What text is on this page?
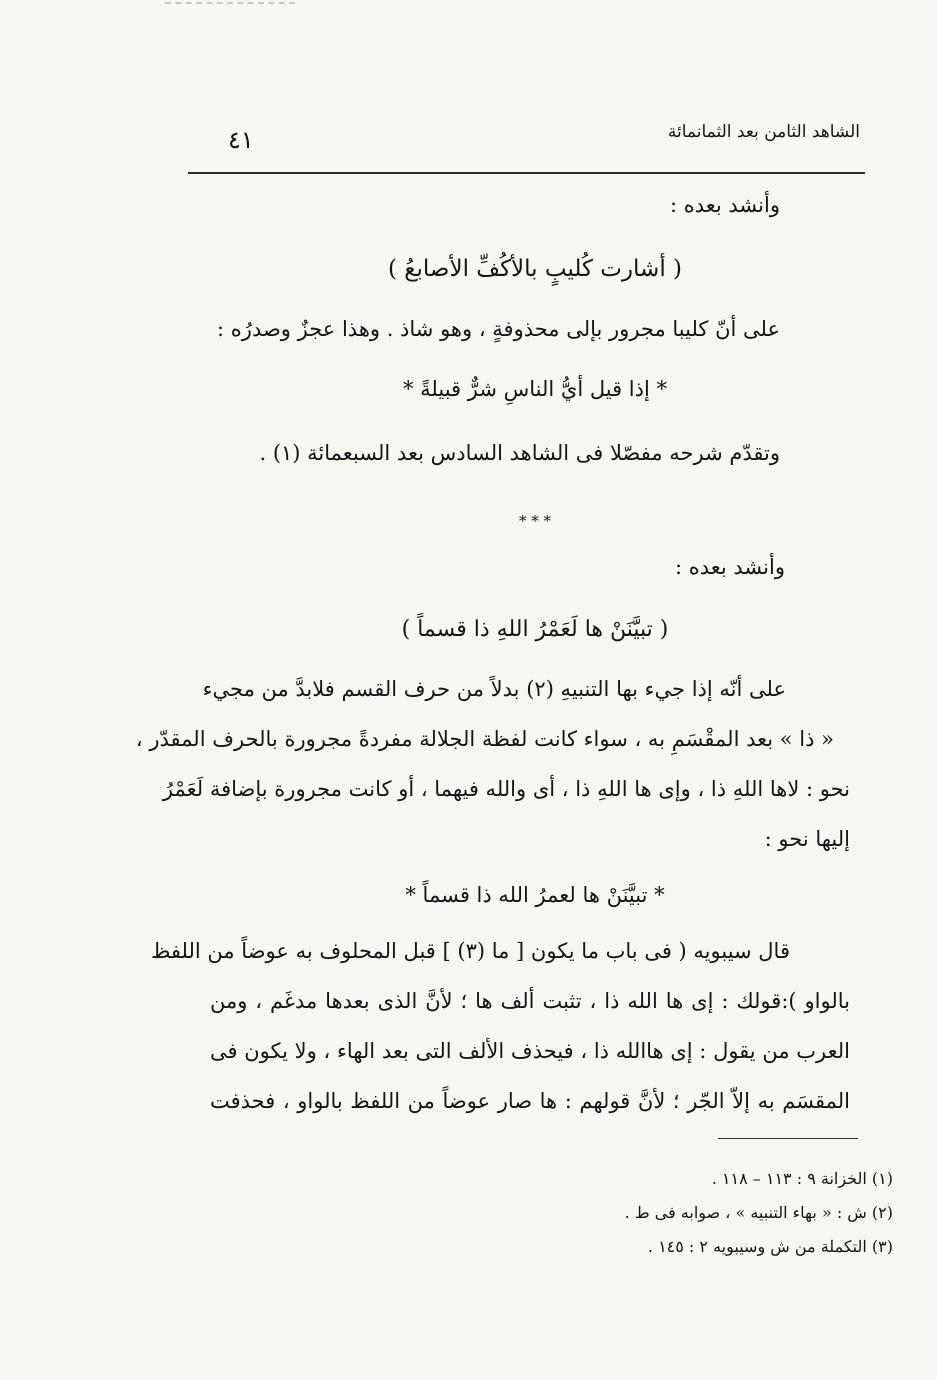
الشاهد الثامن بعد الثمانمائة
٤١
وأنشد بعده :
( أشارت كُليبٍ بالأكُفِّ الأصابعُ )
على أنّ كليبا مجرور بإلى محذوفةٍ ، وهو شاذ . وهذا عجزٌ وصدرُه :
* إذا قيل أيُّ الناسِ شرٌّ قبيلةً *
وتقدّم شرحه مفصّلا فى الشاهد السادس بعد السبعمائة (١) .
* * *
وأنشد بعده :
( تبيَّنَنْ ها لَعَمْرُ اللهِ ذا قسماً )
على أنّه إذا جيء بها التنبيهِ (٢) بدلاً من حرف القسم فلابدَّ من مجيء
« ذا » بعد المقْسَمِ به ، سواء كانت لفظة الجلالة مفردةً مجرورة بالحرف المقدّر ،
نحو : لاها اللهِ ذا ، وإى ها اللهِ ذا ، أى والله فيهما ، أو كانت مجرورة بإضافة لَعَمْرُ
إليها نحو :
* تبيَّنَنْ ها لعمرُ الله ذا قسماً *
قال سيبويه ( فى باب ما يكون [ ما (٣) ] قبل المحلوف به عوضاً من اللفظ
بالواو ):قولك : إى ها الله ذا ، تثبت ألف ها ؛ لأنَّ الذى بعدها مدغَم ، ومن
العرب من يقول : إى هاالله ذا ، فيحذف الألف التى بعد الهاء ، ولا يكون فى
المقسَم به إلاّ الجّر ؛ لأنَّ قولهم : ها صار عوضاً من اللفظ بالواو ، فحذفت
(١) الخزانة ٩ : ١١٣ – ١١٨ .
(٢) ش : « بهاء التنبيه » ، صوابه فى ط .
(٣) التكملة من ش وسيبويه ٢ : ١٤٥ .
